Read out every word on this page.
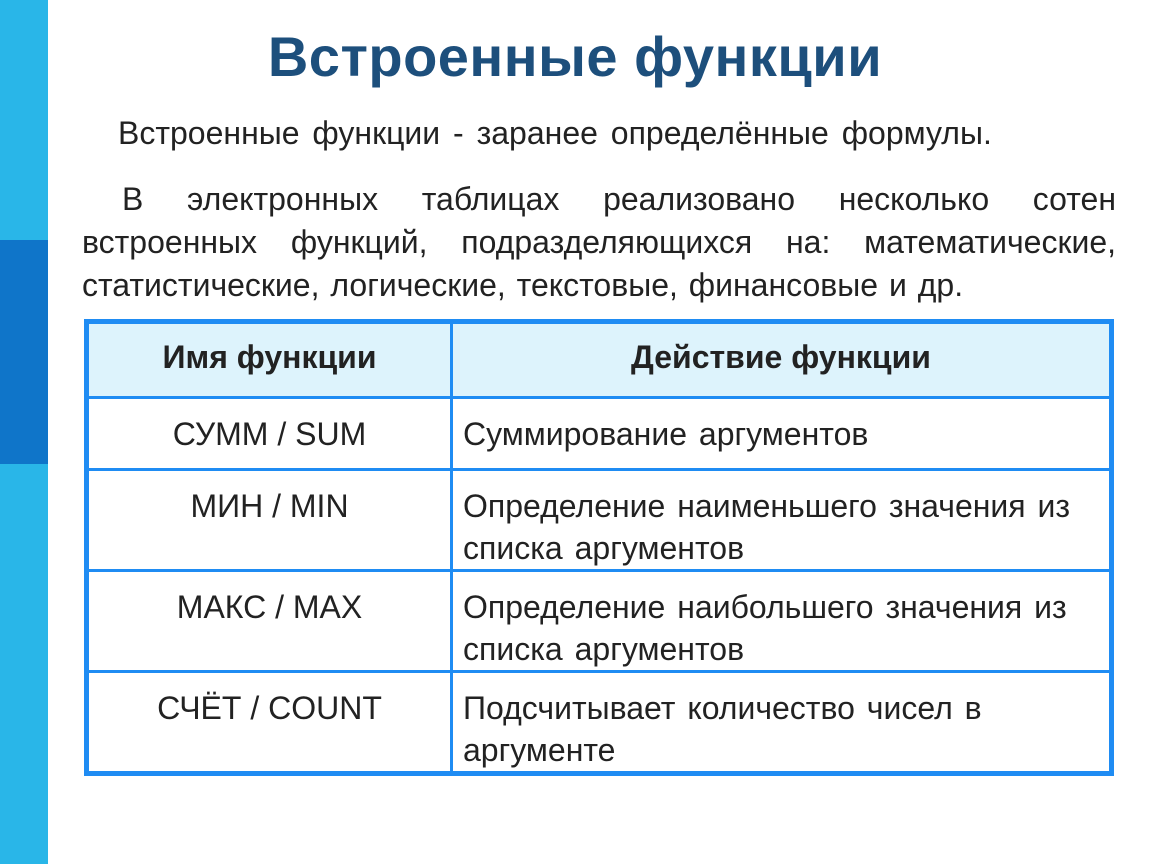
Встроенные функции
Встроенные функции - заранее определённые формулы.
В электронных таблицах реализовано несколько сотен встроенных функций, подразделяющихся на: математические, статистические, логические, текстовые, финансовые и др.
Имя функции	Действие функции
СУММ / SUM	Суммирование аргументов
МИН / MIN	Определение наименьшего значения из списка аргументов
МАКС / MAX	Определение наибольшего значения из списка аргументов
СЧЁТ / COUNT	Подсчитывает количество чисел в аргументе
